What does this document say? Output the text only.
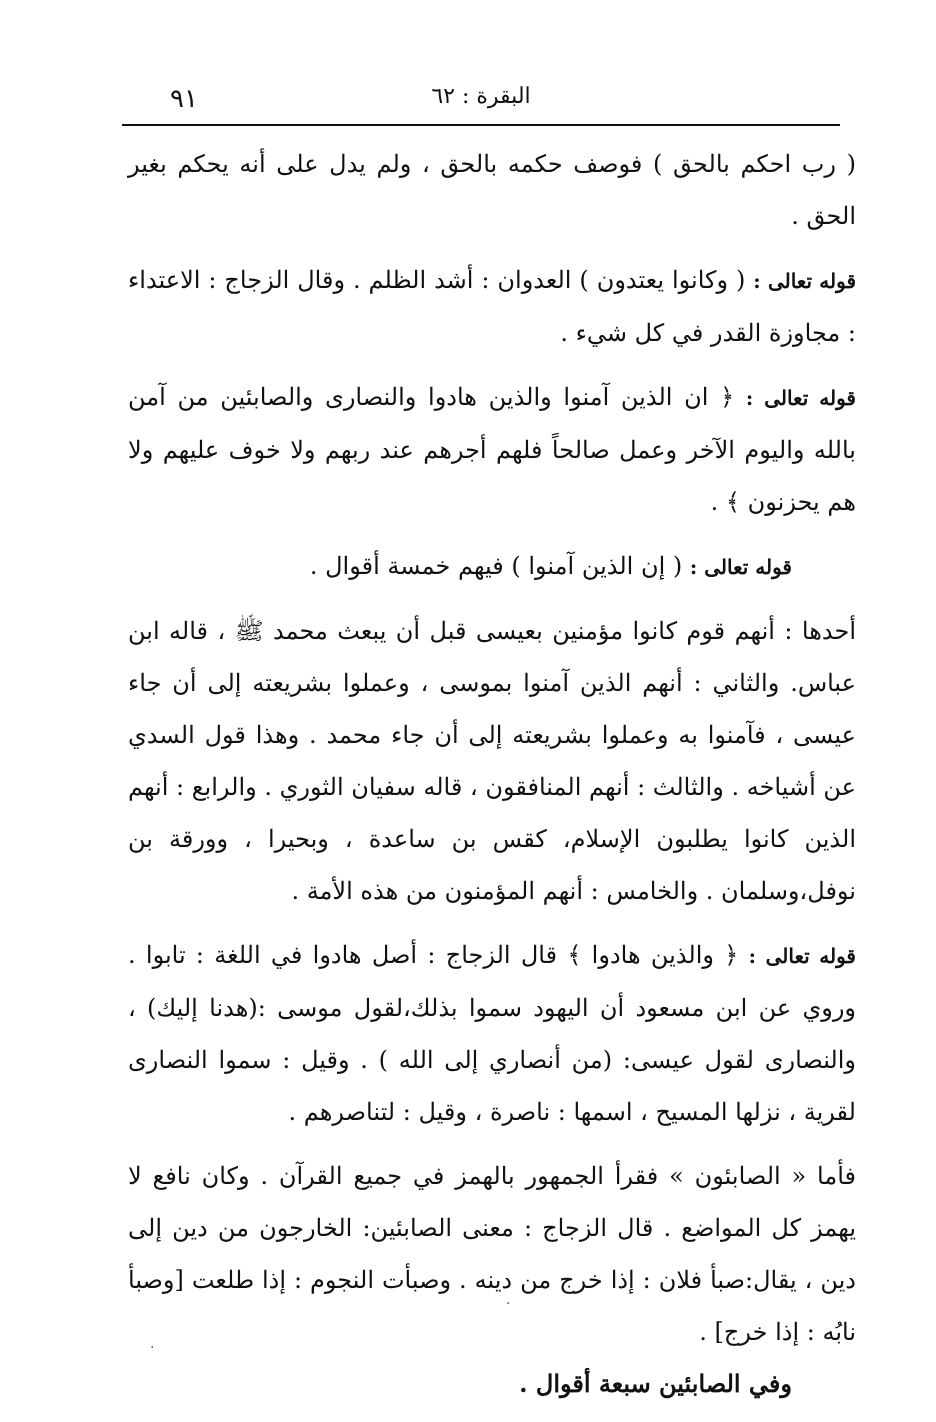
٩١	البقرة : ٦٢

( رب احكم بالحق ) فوصف حكمه بالحق ، ولم يدل على أنه يحكم بغير الحق .

قوله تعالى : ( وكانوا يعتدون ) العدوان : أشد الظلم . وقال الزجاج : الاعتداء : مجاوزة القدر في كل شيء .

قوله تعالى : ﴿ ان الذين آمنوا والذين هادوا والنصارى والصابئين من آمن بالله واليوم الآخر وعمل صالحاً فلهم أجرهم عند ربهم ولا خوف عليهم ولا هم يحزنون ﴾ .

قوله تعالى : ( إن الذين آمنوا ) فيهم خمسة أقوال .

أحدها : أنهم قوم كانوا مؤمنين بعيسى قبل أن يبعث محمد ﷺ ، قاله ابن عباس. والثاني : أنهم الذين آمنوا بموسى ، وعملوا بشريعته إلى أن جاء عيسى ، فآمنوا به وعملوا بشريعته إلى أن جاء محمد . وهذا قول السدي عن أشياخه . والثالث : أنهم المنافقون ، قاله سفيان الثوري . والرابع : أنهم الذين كانوا يطلبون الإسلام، كقس بن ساعدة ، وبحيرا ، وورقة بن نوفل،وسلمان . والخامس : أنهم المؤمنون من هذه الأمة .

قوله تعالى : ﴿ والذين هادوا ﴾ قال الزجاج : أصل هادوا في اللغة : تابوا . وروي عن ابن مسعود أن اليهود سموا بذلك،لقول موسى :(هدنا إليك) ، والنصارى لقول عيسى: (من أنصاري إلى الله ) . وقيل : سموا النصارى لقرية ، نزلها المسيح ، اسمها : ناصرة ، وقيل : لتناصرهم .

فأما « الصابئون » فقرأ الجمهور بالهمز في جميع القرآن . وكان نافع لا يهمز كل المواضع . قال الزجاج : معنى الصابئين: الخارجون من دين إلى دين ، يقال:صبأ فلان : إذا خرج من دينه . وصبأت النجوم : إذا طلعت [وصبأ نابُه : إذا خرج] .

وفي الصابئين سبعة أقوال .

·
·
